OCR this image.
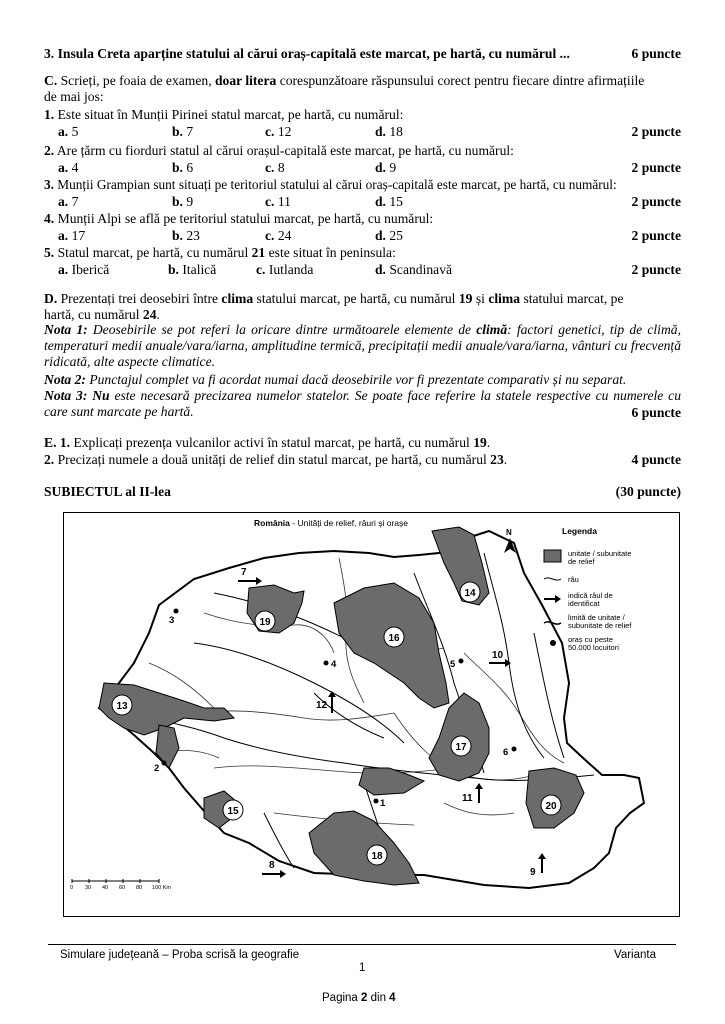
3. Insula Creta aparține statului al cărui oraș-capitală este marcat, pe hartă, cu numărul ...	6 puncte
C. Scrieți, pe foaia de examen, doar litera corespunzătoare răspunsului corect pentru fiecare dintre afirmațiile
de mai jos:
1. Este situat în Munții Pirinei statul marcat, pe hartă, cu numărul:
a. 5	b. 7	c. 12	d. 18	2 puncte
2. Are țărm cu fiorduri statul al cărui orașul-capitală este marcat, pe hartă, cu numărul:
a. 4	b. 6	c. 8	d. 9	2 puncte
3. Munții Grampian sunt situați pe teritoriul statului al cărui oraș-capitală este marcat, pe hartă, cu numărul:
a. 7	b. 9	c. 11	d. 15	2 puncte
4. Munții Alpi se află pe teritoriul statului marcat, pe hartă, cu numărul:
a. 17	b. 23	c. 24	d. 25	2 puncte
5. Statul marcat, pe hartă, cu numărul 21 este situat în peninsula:
a. Iberică	b. Italică	c. Iutlanda	d. Scandinavă	2 puncte
D. Prezentați trei deosebiri între clima statului marcat, pe hartă, cu numărul 19 și clima statului marcat, pe
hartă, cu numărul 24.
Nota 1: Deosebirile se pot referi la oricare dintre următoarele elemente de climă: factori genetici, tip de climă, temperaturi medii anuale/vara/iarna, amplitudine termică, precipitații medii anuale/vara/iarna, vânturi cu frecvență ridicată, alte aspecte climatice.
Nota 2: Punctajul complet va fi acordat numai dacă deosebirile vor fi prezentate comparativ și nu separat.
Nota 3: Nu este necesară precizarea numelor statelor. Se poate face referire la statele respective cu numerele cu care sunt marcate pe hartă.	6 puncte
E. 1. Explicați prezența vulcanilor activi în statul marcat, pe hartă, cu numărul 19.
2. Precizați numele a două unități de relief din statul marcat, pe hartă, cu numărul 23.	4 puncte
SUBIECTUL al II-lea	(30 puncte)
România - Unități de relief, râuri și orașe
13
14
15
16
17
18
19
20
1
2
3
4	5
6
7
8
9
10
11
12
N	Legenda
unitate / subunitate
de relief
râu
indică râul de
identificat
limită de unitate /
subunitate de relief
oraș cu peste
50.000 locuitori
0 30 40 60 80 100 Km
Simulare județeană – Proba scrisă la geografie	Varianta
1
Pagina 2 din 4
